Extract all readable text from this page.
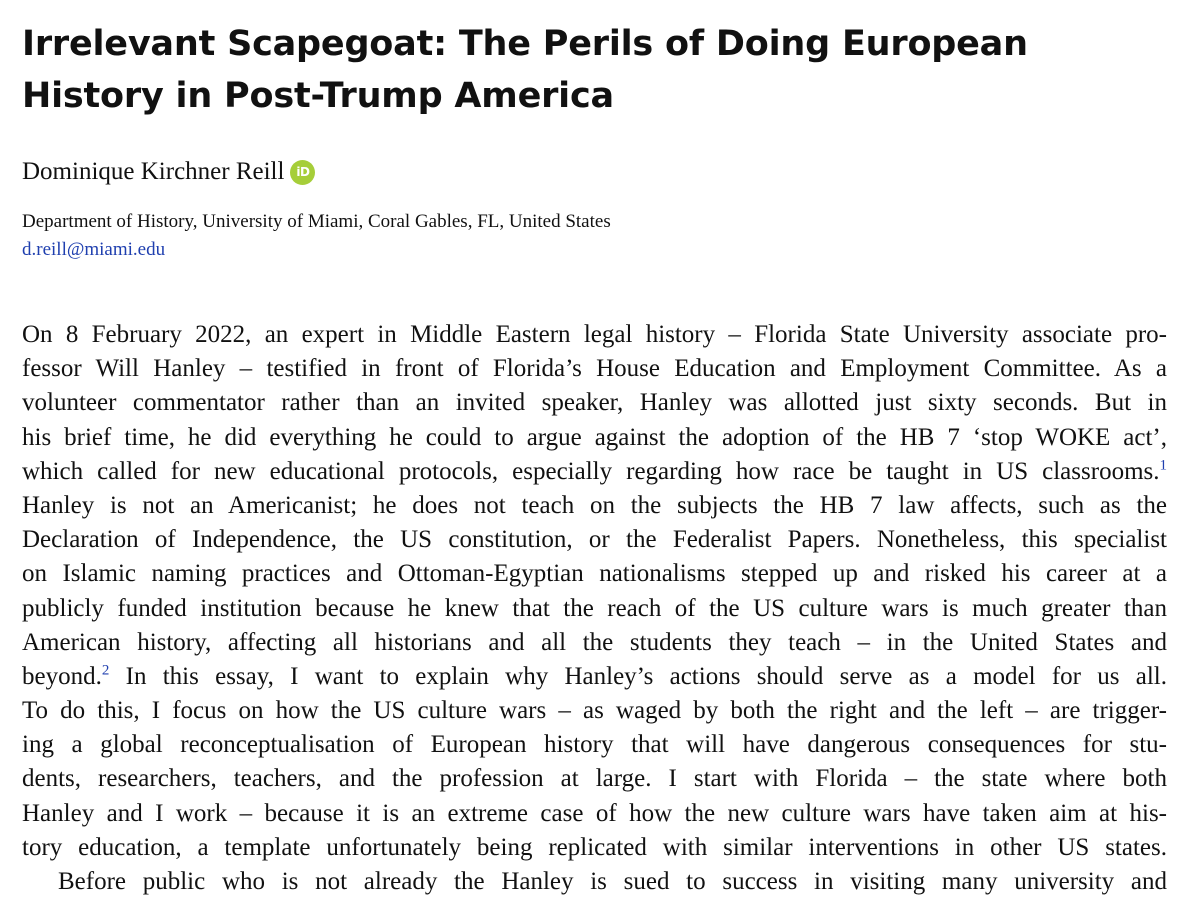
Irrelevant Scapegoat: The Perils of Doing European
History in Post-Trump America
Dominique Kirchner Reill iD
Department of History, University of Miami, Coral Gables, FL, United States
d.reill@miami.edu
On 8 February 2022, an expert in Middle Eastern legal history – Florida State University associate pro-
fessor Will Hanley – testified in front of Florida’s House Education and Employment Committee. As a
volunteer commentator rather than an invited speaker, Hanley was allotted just sixty seconds. But in
his brief time, he did everything he could to argue against the adoption of the HB 7 ‘stop WOKE act’,
which called for new educational protocols, especially regarding how race be taught in US classrooms.$^1$
Hanley is not an Americanist; he does not teach on the subjects the HB 7 law affects, such as the
Declaration of Independence, the US constitution, or the Federalist Papers. Nonetheless, this specialist
on Islamic naming practices and Ottoman-Egyptian nationalisms stepped up and risked his career at a
publicly funded institution because he knew that the reach of the US culture wars is much greater than
American history, affecting all historians and all the students they teach – in the United States and
beyond.$^2$ In this essay, I want to explain why Hanley’s actions should serve as a model for us all.
To do this, I focus on how the US culture wars – as waged by both the right and the left – are trigger-
ing a global reconceptualisation of European history that will have dangerous consequences for stu-
dents, researchers, teachers, and the profession at large. I start with Florida – the state where both
Hanley and I work – because it is an extreme case of how the new culture wars have taken aim at his-
tory education, a template unfortunately being replicated with similar interventions in other US states.
Before public who is not already the Hanley is sued to success in visiting many university and
